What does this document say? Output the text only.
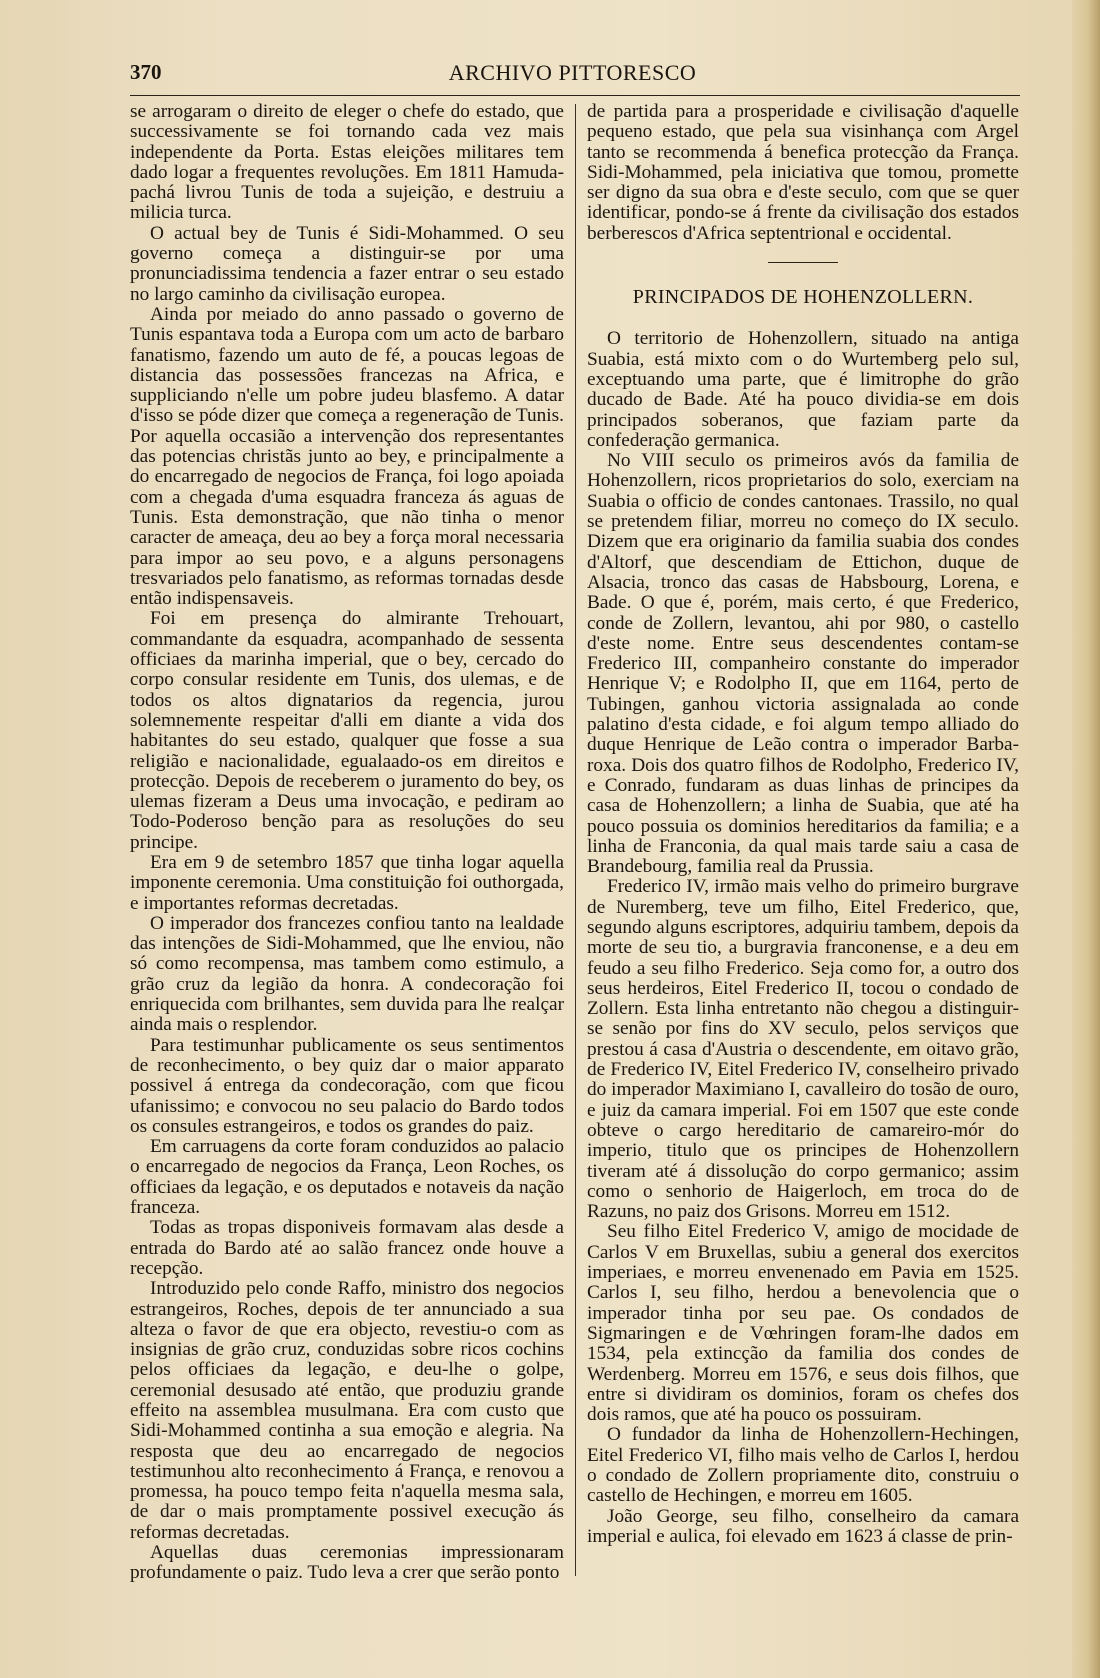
370	ARCHIVO PITTORESCO

se arrogaram o direito de eleger o chefe do estado, que successivamente se foi tornando cada vez mais independente da Porta. Estas eleições militares tem dado logar a frequentes revoluções. Em 1811 Hamuda-pachá livrou Tunis de toda a sujeição, e destruiu a milicia turca.

O actual bey de Tunis é Sidi-Mohammed. O seu governo começa a distinguir-se por uma pronunciadissima tendencia a fazer entrar o seu estado no largo caminho da civilisação europea.

Ainda por meiado do anno passado o governo de Tunis espantava toda a Europa com um acto de barbaro fanatismo, fazendo um auto de fé, a poucas legoas de distancia das possessões francezas na Africa, e suppliciando n'elle um pobre judeu blasfemo. A datar d'isso se póde dizer que começa a regeneração de Tunis. Por aquella occasião a intervenção dos representantes das potencias christãs junto ao bey, e principalmente a do encarregado de negocios de França, foi logo apoiada com a chegada d'uma esquadra franceza ás aguas de Tunis. Esta demonstração, que não tinha o menor caracter de ameaça, deu ao bey a força moral necessaria para impor ao seu povo, e a alguns personagens tresvariados pelo fanatismo, as reformas tornadas desde então indispensaveis.

Foi em presença do almirante Trehouart, commandante da esquadra, acompanhado de sessenta officiaes da marinha imperial, que o bey, cercado do corpo consular residente em Tunis, dos ulemas, e de todos os altos dignatarios da regencia, jurou solemnemente respeitar d'alli em diante a vida dos habitantes do seu estado, qualquer que fosse a sua religião e nacionalidade, egualaado-os em direitos e protecção. Depois de receberem o juramento do bey, os ulemas fizeram a Deus uma invocação, e pediram ao Todo-Poderoso benção para as resoluções do seu principe.

Era em 9 de setembro 1857 que tinha logar aquella imponente ceremonia. Uma constituição foi outhorgada, e importantes reformas decretadas.

O imperador dos francezes confiou tanto na lealdade das intenções de Sidi-Mohammed, que lhe enviou, não só como recompensa, mas tambem como estimulo, a grão cruz da legião da honra. A condecoração foi enriquecida com brilhantes, sem duvida para lhe realçar ainda mais o resplendor.

Para testimunhar publicamente os seus sentimentos de reconhecimento, o bey quiz dar o maior apparato possivel á entrega da condecoração, com que ficou ufanissimo; e convocou no seu palacio do Bardo todos os consules estrangeiros, e todos os grandes do paiz.

Em carruagens da corte foram conduzidos ao palacio o encarregado de negocios da França, Leon Roches, os officiaes da legação, e os deputados e notaveis da nação franceza.

Todas as tropas disponiveis formavam alas desde a entrada do Bardo até ao salão francez onde houve a recepção.

Introduzido pelo conde Raffo, ministro dos negocios estrangeiros, Roches, depois de ter annunciado a sua alteza o favor de que era objecto, revestiu-o com as insignias de grão cruz, conduzidas sobre ricos cochins pelos officiaes da legação, e deu-lhe o golpe, ceremonial desusado até então, que produziu grande effeito na assemblea musulmana. Era com custo que Sidi-Mohammed continha a sua emoção e alegria. Na resposta que deu ao encarregado de negocios testimunhou alto reconhecimento á França, e renovou a promessa, ha pouco tempo feita n'aquella mesma sala, de dar o mais promptamente possivel execução ás reformas decretadas.

Aquellas duas ceremonias impressionaram profundamente o paiz. Tudo leva a crer que serão ponto

de partida para a prosperidade e civilisação d'aquelle pequeno estado, que pela sua visinhança com Argel tanto se recommenda á benefica protecção da França. Sidi-Mohammed, pela iniciativa que tomou, promette ser digno da sua obra e d'este seculo, com que se quer identificar, pondo-se á frente da civilisação dos estados berberescos d'Africa septentrional e occidental.

PRINCIPADOS DE HOHENZOLLERN.

O territorio de Hohenzollern, situado na antiga Suabia, está mixto com o do Wurtemberg pelo sul, exceptuando uma parte, que é limitrophe do grão ducado de Bade. Até ha pouco dividia-se em dois principados soberanos, que faziam parte da confederação germanica.

No VIII seculo os primeiros avós da familia de Hohenzollern, ricos proprietarios do solo, exerciam na Suabia o officio de condes cantonaes. Trassilo, no qual se pretendem filiar, morreu no começo do IX seculo. Dizem que era originario da familia suabia dos condes d'Altorf, que descendiam de Ettichon, duque de Alsacia, tronco das casas de Habsbourg, Lorena, e Bade. O que é, porém, mais certo, é que Frederico, conde de Zollern, levantou, ahi por 980, o castello d'este nome. Entre seus descendentes contam-se Frederico III, companheiro constante do imperador Henrique V; e Rodolpho II, que em 1164, perto de Tubingen, ganhou victoria assignalada ao conde palatino d'esta cidade, e foi algum tempo alliado do duque Henrique de Leão contra o imperador Barba-roxa. Dois dos quatro filhos de Rodolpho, Frederico IV, e Conrado, fundaram as duas linhas de principes da casa de Hohenzollern; a linha de Suabia, que até ha pouco possuia os dominios hereditarios da familia; e a linha de Franconia, da qual mais tarde saiu a casa de Brandebourg, familia real da Prussia.

Frederico IV, irmão mais velho do primeiro burgrave de Nuremberg, teve um filho, Eitel Frederico, que, segundo alguns escriptores, adquiriu tambem, depois da morte de seu tio, a burgravia franconense, e a deu em feudo a seu filho Frederico. Seja como for, a outro dos seus herdeiros, Eitel Frederico II, tocou o condado de Zollern. Esta linha entretanto não chegou a distinguir-se senão por fins do XV seculo, pelos serviços que prestou á casa d'Austria o descendente, em oitavo grão, de Frederico IV, Eitel Frederico IV, conselheiro privado do imperador Maximiano I, cavalleiro do tosão de ouro, e juiz da camara imperial. Foi em 1507 que este conde obteve o cargo hereditario de camareiro-mór do imperio, titulo que os principes de Hohenzollern tiveram até á dissolução do corpo germanico; assim como o senhorio de Haigerloch, em troca do de Razuns, no paiz dos Grisons. Morreu em 1512.

Seu filho Eitel Frederico V, amigo de mocidade de Carlos V em Bruxellas, subiu a general dos exercitos imperiaes, e morreu envenenado em Pavia em 1525. Carlos I, seu filho, herdou a benevolencia que o imperador tinha por seu pae. Os condados de Sigmaringen e de Vœhringen foram-lhe dados em 1534, pela extincção da familia dos condes de Werdenberg. Morreu em 1576, e seus dois filhos, que entre si dividiram os dominios, foram os chefes dos dois ramos, que até ha pouco os possuiram.

O fundador da linha de Hohenzollern-Hechingen, Eitel Frederico VI, filho mais velho de Carlos I, herdou o condado de Zollern propriamente dito, construiu o castello de Hechingen, e morreu em 1605.

João George, seu filho, conselheiro da camara imperial e aulica, foi elevado em 1623 á classe de prin-
